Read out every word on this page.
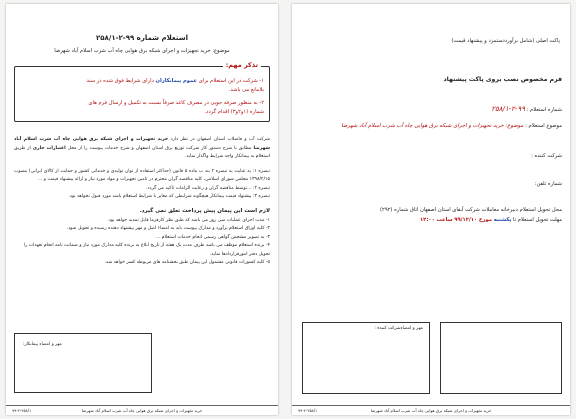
استعلام شماره ۹۹-۲-۲۵۸/۱
موضوع: خرید تجهیزات و اجرای شبکه برق هوایی چاه آب شرب اسلام آباد شهرضا
تذکر مهم:
۱- شرکت در این استعلام برای عموم پیمانکاران دارای شرایط فوق شده در سند
بلامانع می باشد.
۲- به منظور صرفه جویی در مصرف کاغذ صرفاً نسبت به تکمیل و ارسال فرم های
شماره (۱و۲و۳) اقدام گردد.
شرکت آب و فاضلاب استان اصفهان در نظر دارد خرید تجهیزات و اجرای شبکه برق هوایی چاه آب شرب اسلام آباد شهرضا مطابق با شرح دستور کار شرکت توزیع برق استان اصفهان و شرح خدمات پیوست را از محل اعتبارات جاری از طریق استعلام به پیمانکار واجد شرایط واگذار نماید.
تبصره ۱: به عنایت به تبصره ۲ بند ب ماده ۵ قانون (حداکثر استفاده از توان تولیدی و خدماتی کشور و حمایت از کالای ایرانی) مصوب ۱۳۹۸/۲/۱۵ مجلس شورای اسلامی، کلیه مناقصه گران محترم در تامین تجهیزات و مواد مورد نیاز و ارائه پیشنهاد قیمت و ...
تبصره ۲: ...توسط مناقصه گران و رعایت الزامات تاکید می گردد.
تبصره ۳: پیشنهاد قیمت پیمانکار هیچگونه شرایطی که مغایر با شرایط استعلام باشد مورد قبول نخواهد بود.
لازم است این پیمان پیش پرداخت تعلق نمی گیرد.
۱- مدت اجرای عملیات سی روز می باشد که طبق نظر کارفرما قابل تمدید خواهد بود.
۲- کلیه اوراق استعلام برآورد و مدارک پیوست باید به امضاء اصل و مهر پیشنهاد دهنده رسیده و تحویل شود.
۳- به تصویر مشخص گواهی رسمی انجام خدمات استعلام ...
۴- برنده استعلام موظف می باشد ظرف مدت یک هفته از تاریخ ابلاغ به برنده کلیه مدارک مورد نیاز و ضمانت نامه انجام تعهدات را تحویل دفتر امورقراردادها نماید.
۵- کلیه کسورات قانونی مشمول این پیمان طبق بخشنامه های مربوطه کسر خواهد شد.
مهر و امضاء پیمانکار:
خرید تجهیزات و اجرای شبکه برق هوایی چاه آب شرب اسلام آباد شهرضا
۹۹-۲-۲۵۸/۱
پاکت اصلی (شامل برآورد‌دستمزد و پیشنهاد قیمت)
فرم مخصوص نصب بروی پاکت پیشنهاد
شماره استعلام : ۹۹-۲-۲۵۸/۱
موضوع استعلام : موضوع: خرید تجهیزات و اجرای شبکه برق هوایی چاه آب شرب اسلام آباد شهرضا
شرکت کننده :
شماره تلفن:
محل تحویل استعلام دبیرخانه معاملات شرکت آبفای استان اصفهان اتاق شماره (۲۹۲)
مهلت تحویل استعلام تا یکشنبه مورخ ۹۹/۱۲/۱۰ ساعت ۱۲:۰۰
مهر و امضاءشرکت کننده :
خرید تجهیزات و اجرای شبکه برق هوایی چاه آب شرب اسلام آباد شهرضا
۹۹-۲-۲۵۸/۱
